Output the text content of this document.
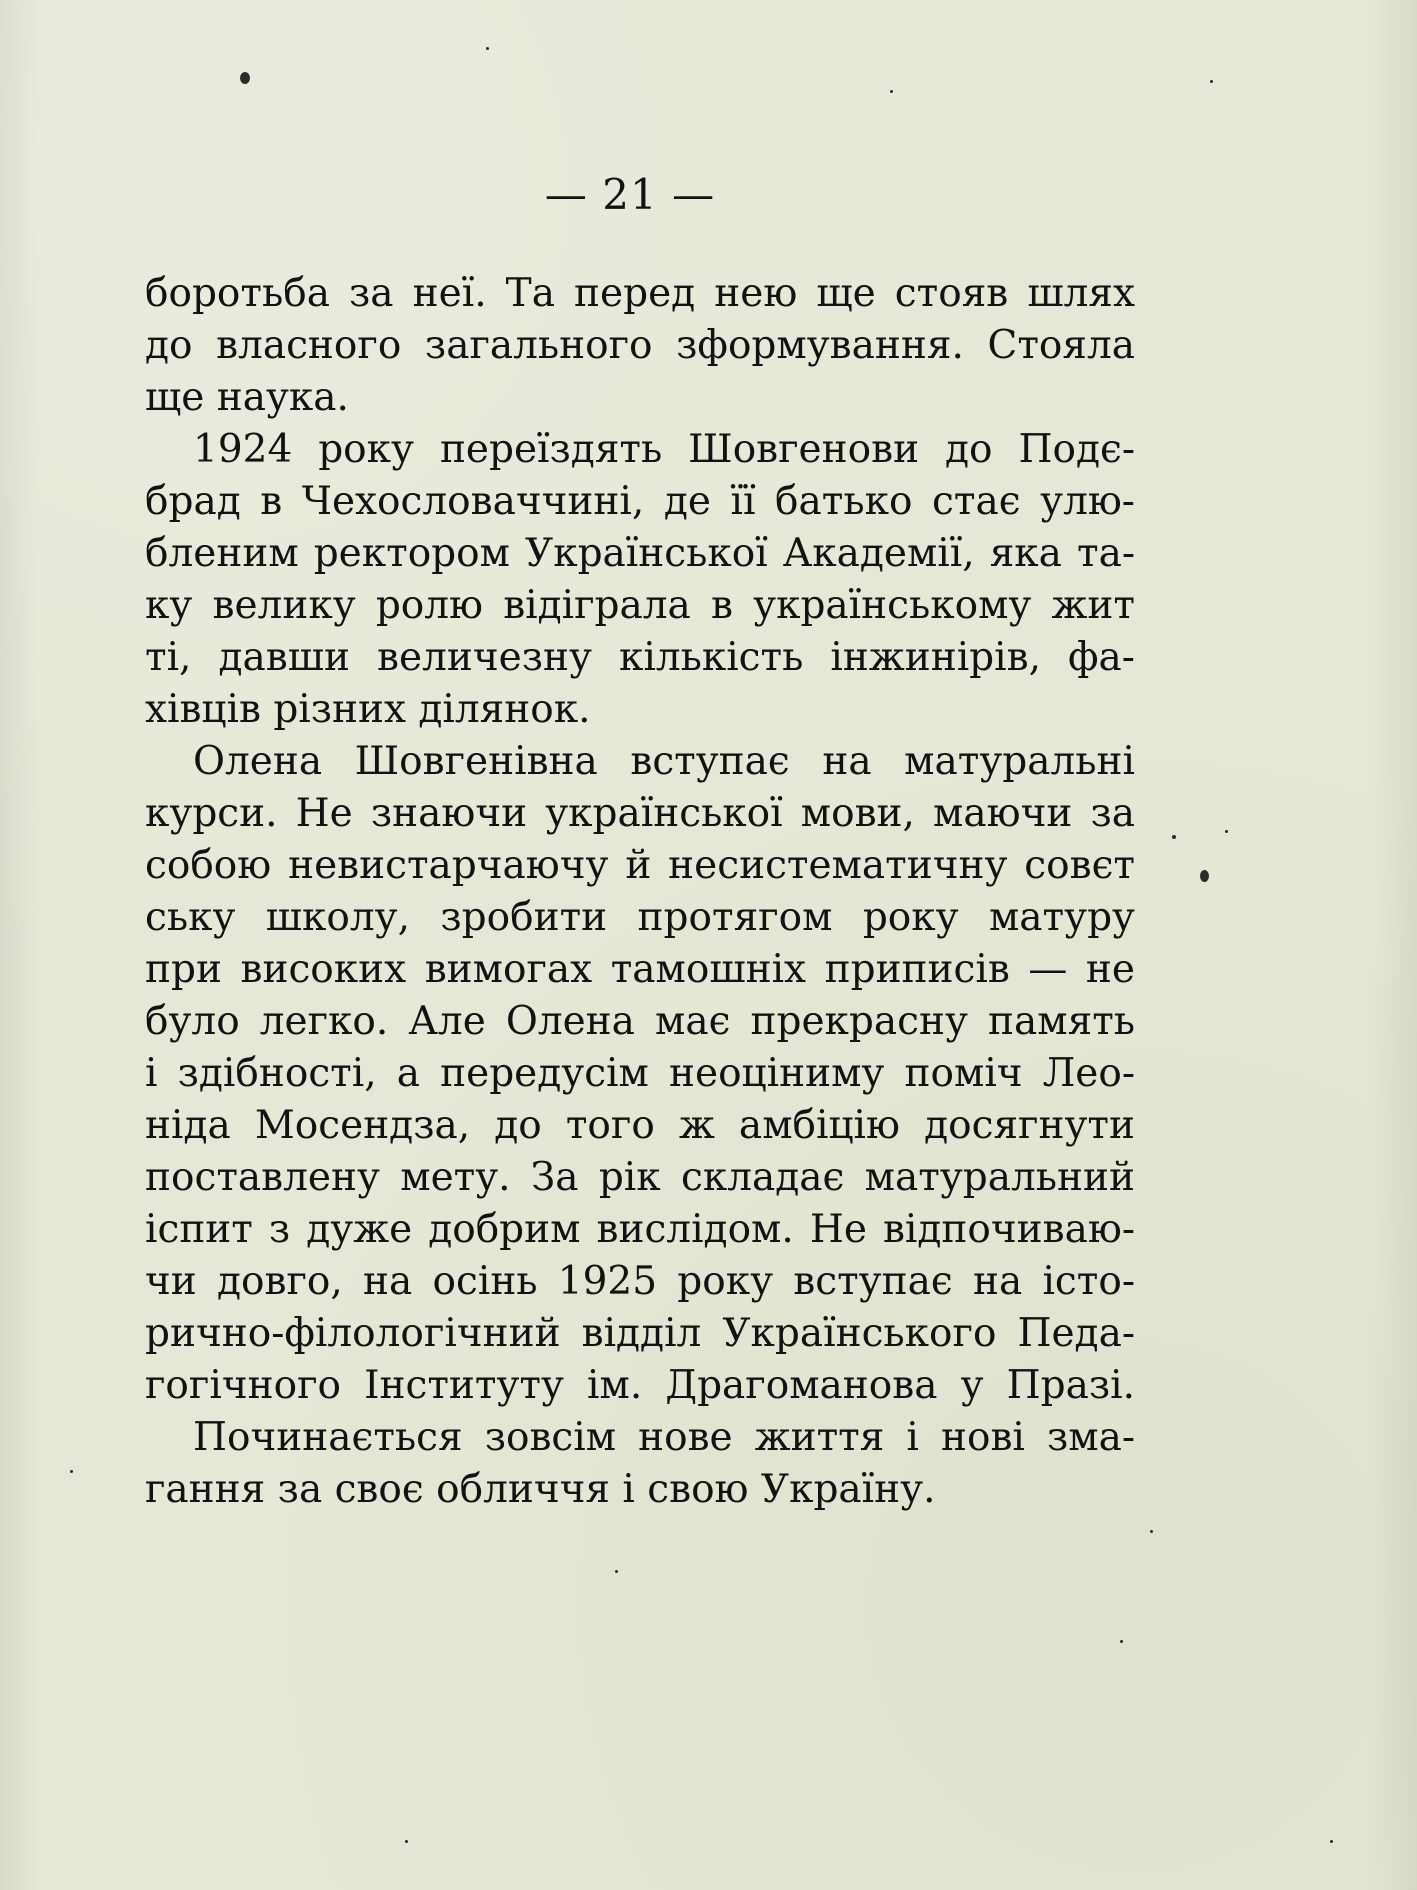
— 21 —
боротьба за неї. Та перед нею ще стояв шлях
до власного загального зформування. Стояла
ще наука.
1924 року переїздять Шовгенови до Подє-
брад в Чехословаччині, де її батько стає улю-
бленим ректором Української Академії, яка та-
ку велику ролю відіграла в українському жит
ті, давши величезну кількість інжинірів, фа-
хівців різних ділянок.
Олена Шовгенівна вступає на матуральні
курси. Не знаючи української мови, маючи за
собою невистарчаючу й несистематичну совєт
ську школу, зробити протягом року матуру
при високих вимогах тамошніх приписів — не
було легко. Але Олена має прекрасну память
і здібності, а передусім неоціниму поміч Лео-
ніда Мосендза, до того ж амбіцію досягнути
поставлену мету. За рік складає матуральний
іспит з дуже добрим вислідом. Не відпочиваю-
чи довго, на осінь 1925 року вступає на істо-
рично-філологічний відділ Українського Педа-
гогічного Інституту ім. Драгоманова у Празі.
Починається зовсім нове життя і нові зма-
гання за своє обличчя і свою Україну.
